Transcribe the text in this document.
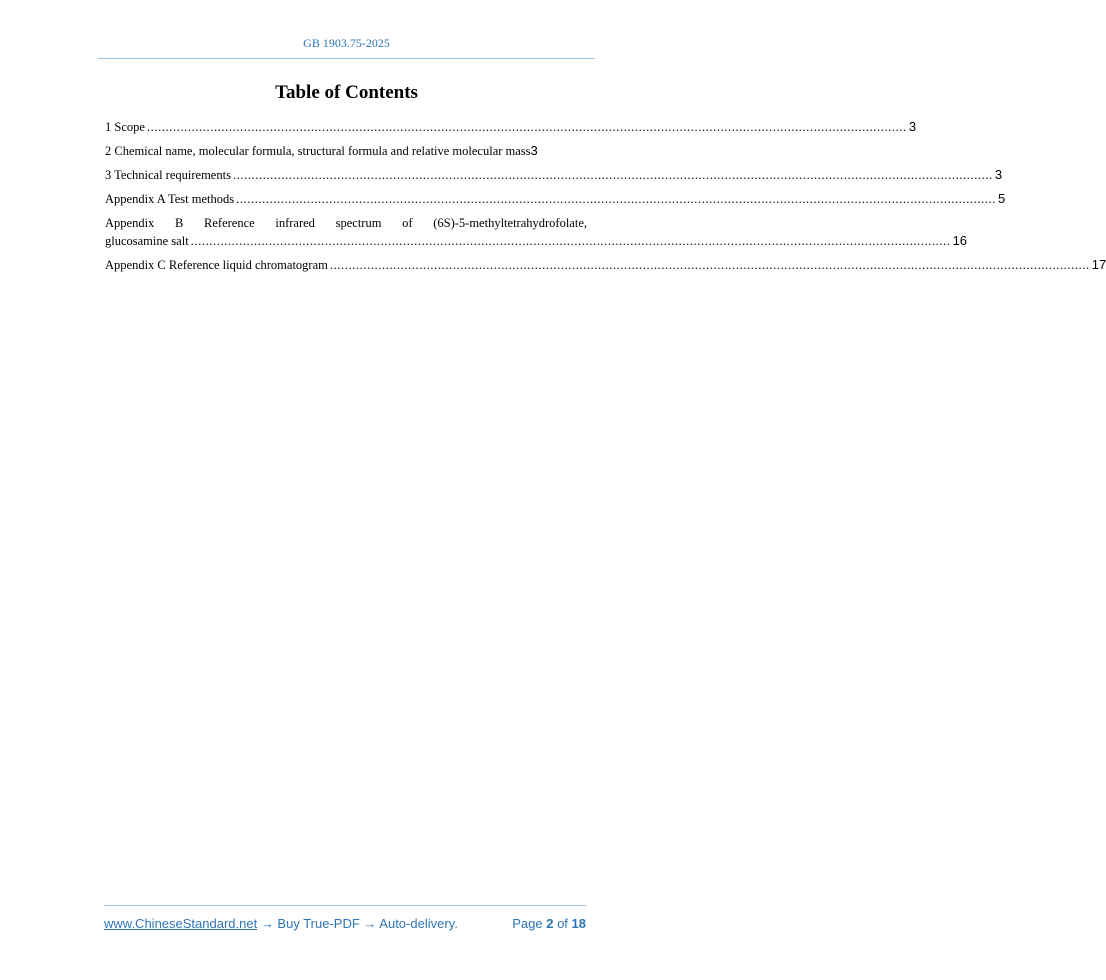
GB 1903.75-2025
Table of Contents
1 Scope ............................................................................................................................................................................................................ 3
2 Chemical name, molecular formula, structural formula and relative molecular mass 3
3 Technical requirements ............................................................................................................................................................................................................ 3
Appendix A Test methods ............................................................................................................................................................................................................ 5
Appendix B Reference infrared spectrum of (6S)-5-methyltetrahydrofolate,
glucosamine salt ............................................................................................................................................................................................................ 16
Appendix C Reference liquid chromatogram ............................................................................................................................................................................................................ 17
www.ChineseStandard.net → Buy True-PDF → Auto-delivery.	Page 2 of 18
